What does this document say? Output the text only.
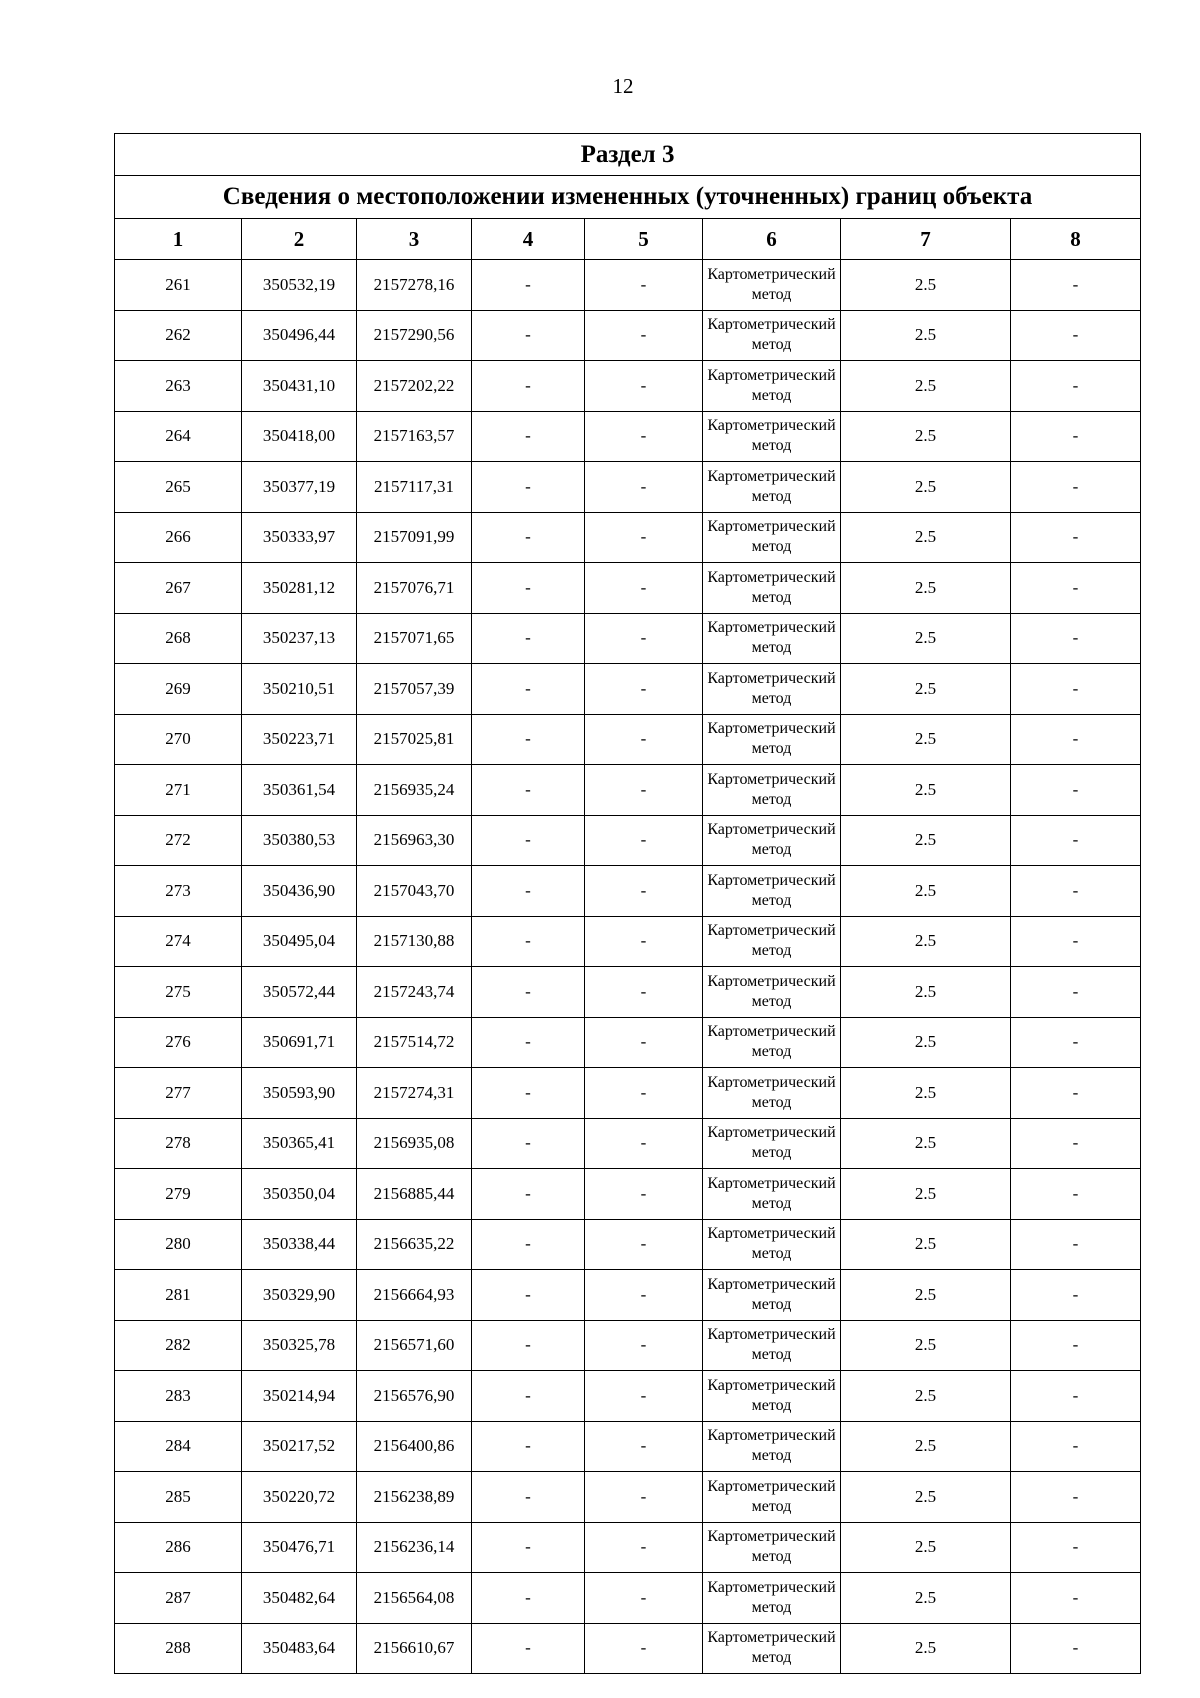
12
Раздел 3							
Сведения о местоположении измененных (уточненных) границ объекта							
1	2	3	4	5	6	7	8
261	350532,19	2157278,16	-	-	Картометрический метод	2.5	-
262	350496,44	2157290,56	-	-	Картометрический метод	2.5	-
263	350431,10	2157202,22	-	-	Картометрический метод	2.5	-
264	350418,00	2157163,57	-	-	Картометрический метод	2.5	-
265	350377,19	2157117,31	-	-	Картометрический метод	2.5	-
266	350333,97	2157091,99	-	-	Картометрический метод	2.5	-
267	350281,12	2157076,71	-	-	Картометрический метод	2.5	-
268	350237,13	2157071,65	-	-	Картометрический метод	2.5	-
269	350210,51	2157057,39	-	-	Картометрический метод	2.5	-
270	350223,71	2157025,81	-	-	Картометрический метод	2.5	-
271	350361,54	2156935,24	-	-	Картометрический метод	2.5	-
272	350380,53	2156963,30	-	-	Картометрический метод	2.5	-
273	350436,90	2157043,70	-	-	Картометрический метод	2.5	-
274	350495,04	2157130,88	-	-	Картометрический метод	2.5	-
275	350572,44	2157243,74	-	-	Картометрический метод	2.5	-
276	350691,71	2157514,72	-	-	Картометрический метод	2.5	-
277	350593,90	2157274,31	-	-	Картометрический метод	2.5	-
278	350365,41	2156935,08	-	-	Картометрический метод	2.5	-
279	350350,04	2156885,44	-	-	Картометрический метод	2.5	-
280	350338,44	2156635,22	-	-	Картометрический метод	2.5	-
281	350329,90	2156664,93	-	-	Картометрический метод	2.5	-
282	350325,78	2156571,60	-	-	Картометрический метод	2.5	-
283	350214,94	2156576,90	-	-	Картометрический метод	2.5	-
284	350217,52	2156400,86	-	-	Картометрический метод	2.5	-
285	350220,72	2156238,89	-	-	Картометрический метод	2.5	-
286	350476,71	2156236,14	-	-	Картометрический метод	2.5	-
287	350482,64	2156564,08	-	-	Картометрический метод	2.5	-
288	350483,64	2156610,67	-	-	Картометрический метод	2.5	-
